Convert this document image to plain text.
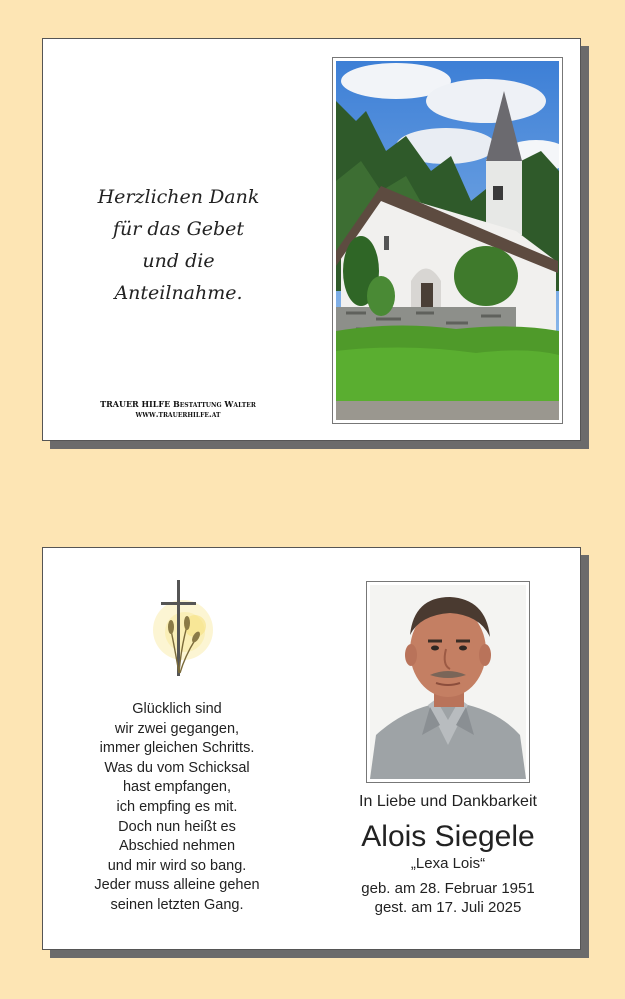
Herzlichen Dank
für das Gebet
und die
Anteilnahme.
TRAUER HILFE Bestattung Walter
www.trauerhilfe.at
Glücklich sind
wir zwei gegangen,
immer gleichen Schritts.
Was du vom Schicksal
hast empfangen,
ich empfing es mit.
Doch nun heißt es
Abschied nehmen
und mir wird so bang.
Jeder muss alleine gehen
seinen letzten Gang.
In Liebe und Dankbarkeit
Alois Siegele
„Lexa Lois“
geb. am 28. Februar 1951
gest. am 17. Juli 2025
